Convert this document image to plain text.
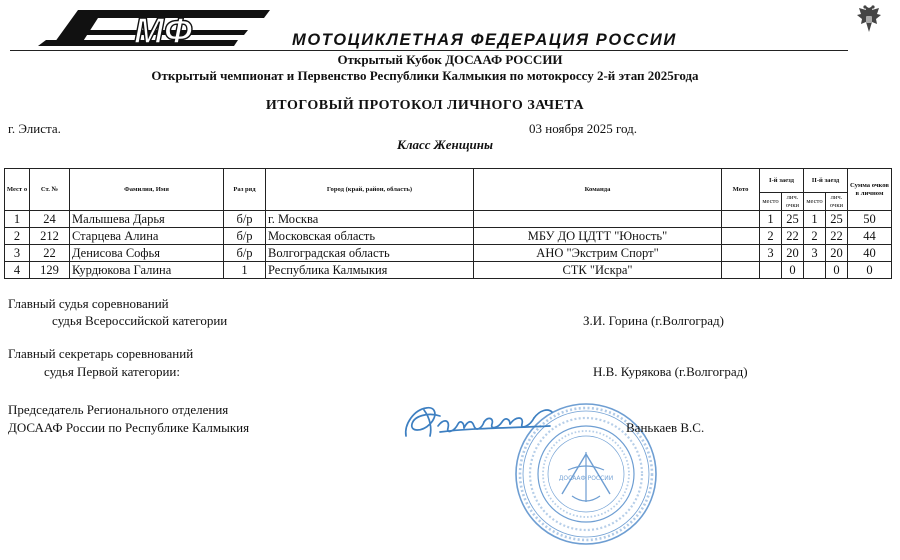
МФ	МОТОЦИКЛЕТНАЯ ФЕДЕРАЦИЯ РОССИИ
Открытый Кубок ДОСААФ РОССИИ
Открытый чемпионат и Первенство Республики Калмыкия по мотокроссу 2-й этап 2025года
ИТОГОВЫЙ ПРОТОКОЛ ЛИЧНОГО ЗАЧЕТА
г. Элиста.	03 ноября 2025 год.
Класс Женщины
Мест о	Ст. №	Фамилия, Имя	Раз ряд	Город (край, район, область)	Команда	Мото	I-й заезд		II-й заезд		Сумма очков в личном
							место	лич. очки	место	лич. очки	
1	24	Малышева Дарья	б/р	г. Москва			1	25	1	25	50
2	212	Старцева Алина	б/р	Московская область	МБУ ДО ЦДТТ "Юность"		2	22	2	22	44
3	22	Денисова Софья	б/р	Волгоградская область	АНО "Экстрим Спорт"		3	20	3	20	40
4	129	Курдюкова Галина	1	Республика Калмыкия	СТК "Искра"			0		0	0
Главный судья соревнований
судья Всероссийской категории	З.И. Горина (г.Волгоград)
Главный секретарь соревнований
судья Первой категории:	Н.В. Курякова (г.Волгоград)
Председатель Регионального отделения
ДОСААФ России по Республике Калмыкия
ДОСААФ РОССИИ
Ванькаев В.С.
